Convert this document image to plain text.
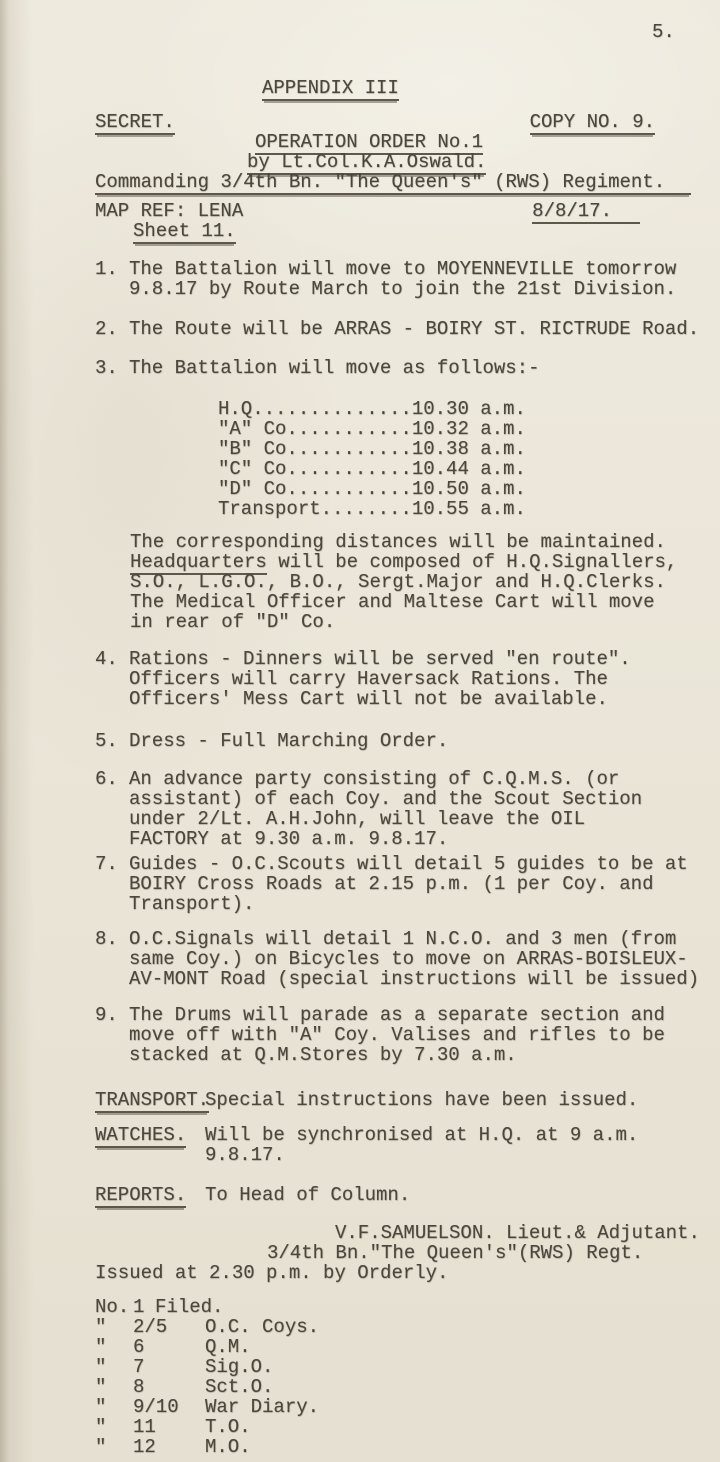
5.
APPENDIX III
SECRET.	COPY NO. 9.
OPERATION ORDER No.1
by Lt.Col.K.A.Oswald.
Commanding 3/4th Bn. "The Queen's" (RWS) Regiment.
MAP REF: LENA	8/8/17.
Sheet 11.
1. The Battalion will move to MOYENNEVILLE tomorrow
9.8.17 by Route March to join the 21st Division.
2. The Route will be ARRAS - BOIRY ST. RICTRUDE Road.
3. The Battalion will move as follows:-
H.Q..............10.30 a.m.
"A" Co...........10.32 a.m.
"B" Co...........10.38 a.m.
"C" Co...........10.44 a.m.
"D" Co...........10.50 a.m.
Transport........10.55 a.m.
The corresponding distances will be maintained.
Headquarters will be composed of H.Q.Signallers,
S.O., L.G.O., B.O., Sergt.Major and H.Q.Clerks.
The Medical Officer and Maltese Cart will move
in rear of "D" Co.
4. Rations - Dinners will be served "en route".
Officers will carry Haversack Rations. The
Officers' Mess Cart will not be available.
5. Dress - Full Marching Order.
6. An advance party consisting of C.Q.M.S. (or
assistant) of each Coy. and the Scout Section
under 2/Lt. A.H.John, will leave the OIL
FACTORY at 9.30 a.m. 9.8.17.
7. Guides - O.C.Scouts will detail 5 guides to be at
BOIRY Cross Roads at 2.15 p.m. (1 per Coy. and
Transport).
8. O.C.Signals will detail 1 N.C.O. and 3 men (from
same Coy.) on Bicycles to move on ARRAS-BOISLEUX-
AV-MONT Road (special instructions will be issued)
9. The Drums will parade as a separate section and
move off with "A" Coy. Valises and rifles to be
stacked at Q.M.Stores by 7.30 a.m.
TRANSPORT.
Special instructions have been issued.
WATCHES. Will be synchronised at H.Q. at 9 a.m.
9.8.17.
REPORTS. To Head of Column.
V.F.SAMUELSON. Lieut.& Adjutant.
3/4th Bn."The Queen's"(RWS) Regt.
Issued at 2.30 p.m. by Orderly.
No. 1 Filed.
"	2/5	O.C. Coys.
"	6	Q.M.
"	7	Sig.O.
"	8	Sct.O.
"	9/10	War Diary.
"	11	T.O.
"	12	M.O.
